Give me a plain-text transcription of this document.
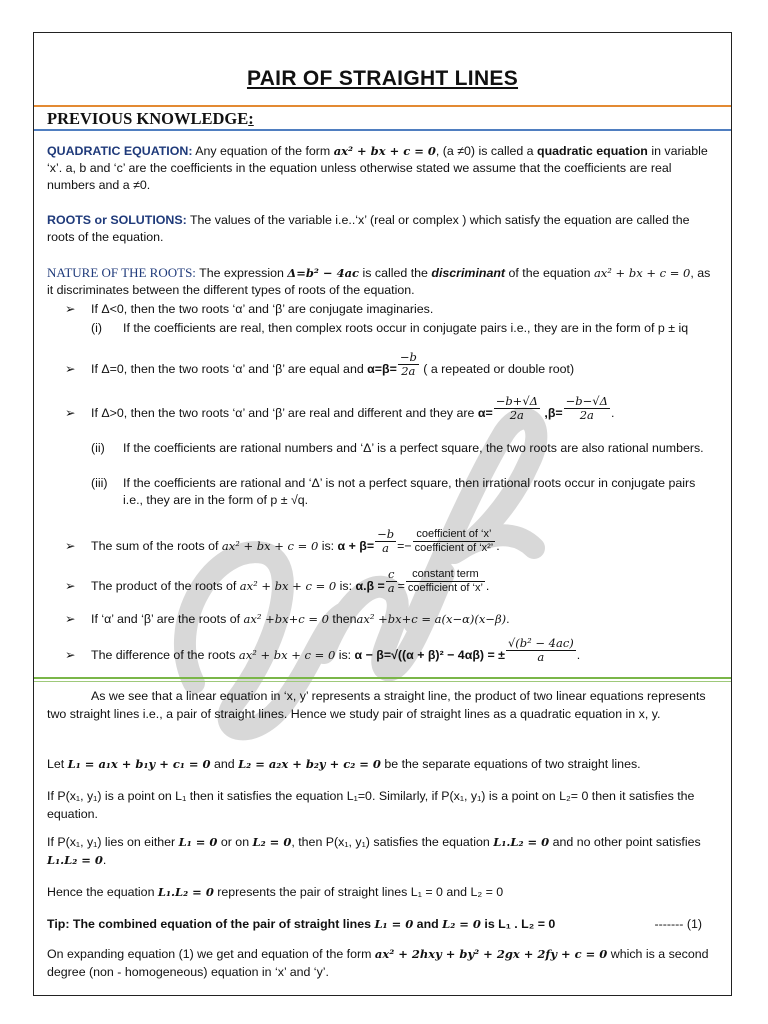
PAIR OF STRAIGHT LINES
PREVIOUS KNOWLEDGE:
QUADRATIC EQUATION: Any equation of the form ax² + bx + c = 0, (a ≠0) is called a quadratic equation in variable ‘x’. a, b and ‘c’ are the coefficients in the equation unless otherwise stated we assume that the coefficients are real numbers and a ≠0.
ROOTS or SOLUTIONS: The values of the variable i.e..‘x’ (real or complex ) which satisfy the equation are called the roots of the equation.
NATURE OF THE ROOTS: The expression Δ=b² − 4ac is called the discriminant of the equation ax² + bx + c = 0, as it discriminates between the different types of roots of the equation.
➢ If Δ<0, then the two roots ‘α’ and ‘β’ are conjugate imaginaries.
(i) If the coefficients are real, then complex roots occur in conjugate pairs i.e., they are in the form of p ± iq
➢ If Δ=0, then the two roots ‘α’ and ‘β’ are equal and $\alpha=\beta= \frac{-b}{2a}$ ( a repeated or double root)
➢ If Δ>0, then the two roots ‘α’ and ‘β’ are real and different and they are $\alpha= \frac{-b+√\Delta}{2a} ,\beta= \frac{-b-√\Delta}{2a}$ .
(ii) If the coefficients are rational numbers and ‘Δ’ is a perfect square, the two roots are also rational numbers.
(iii) If the coefficients are rational and ‘Δ’ is not a perfect square, then irrational roots occur in conjugate pairs i.e., they are in the form of p ± √q.
➢ The sum of the roots of ax² + bx + c = 0 is: $\alpha + \beta= \frac{-b}{a} =- \frac{\text{coefficient of ‘x’}}{\text{coefficient of ‘x²’}}$ .
➢ The product of the roots of ax² + bx + c = 0 is: $\alpha.\beta = \frac{c}{a} = \frac{\text{constant term}}{\text{coefficient of ‘x’}}$ .
➢ If ‘α’ and ‘β’ are the roots of ax² +bx+c = 0 thenax² +bx+c = a(x−α)(x−β).
➢ The difference of the roots ax² + bx + c = 0 is: α − β=√((α + β)² − 4αβ) = ± $\frac{\text{√(b² − 4ac)}}{a}$ .
As we see that a linear equation in ‘x, y’ represents a straight line, the product of two linear equations represents two straight lines i.e., a pair of straight lines. Hence we study pair of straight lines as a quadratic equation in x, y.
Let L₁ = a₁x + b₁y + c₁ = 0 and L₂ = a₂x + b₂y + c₂ = 0 be the separate equations of two straight lines.
If P(x₁, y₁) is a point on L₁ then it satisfies the equation L₁=0. Similarly, if P(x₁, y₁) is a point on L₂= 0 then it satisfies the equation.
If P(x₁, y₁) lies on either L₁ = 0 or on L₂ = 0, then P(x₁, y₁) satisfies the equation L₁.L₂ = 0 and no other point satisfies L₁.L₂ = 0.
Hence the equation L₁.L₂ = 0 represents the pair of straight lines L₁ = 0 and L₂ = 0
Tip: The combined equation of the pair of straight lines L₁ = 0 and L₂ = 0 is L₁ . L₂ = 0	------- (1)
On expanding equation (1) we get and equation of the form ax² + 2hxy + by² + 2gx + 2fy + c = 0 which is a second degree (non - homogeneous) equation in ‘x’ and ‘y’.
